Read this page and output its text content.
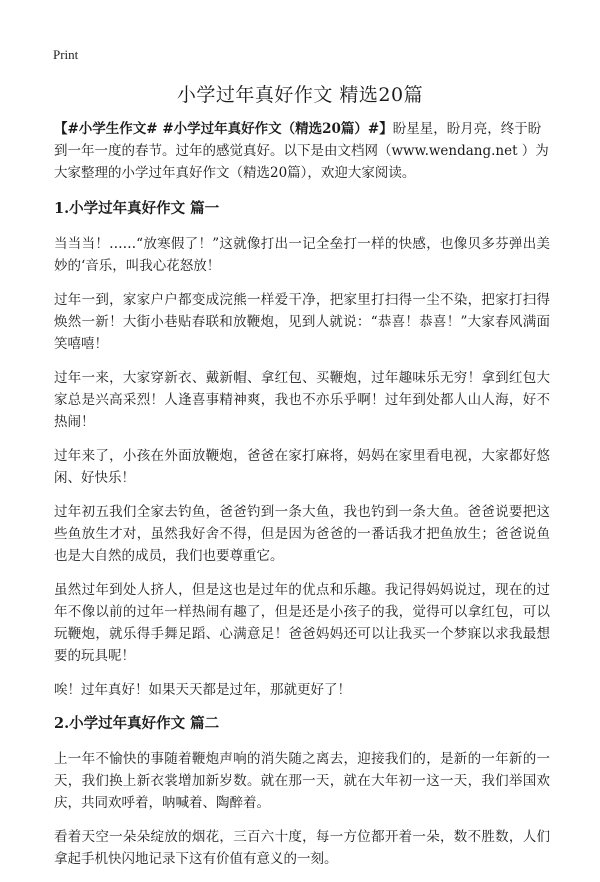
Print
小学过年真好作文 精选20篇

【#小学生作文# #小学过年真好作文（精选20篇）#】盼星星，盼月亮，终于盼到一年一度的春节。过年的感觉真好。以下是由文档网（www.wendang.net ）为大家整理的小学过年真好作文（精选20篇），欢迎大家阅读。

1.小学过年真好作文 篇一

当当当！……“放寒假了！”这就像打出一记全垒打一样的快感，也像贝多芬弹出美妙的‘音乐，叫我心花怒放！

过年一到，家家户户都变成浣熊一样爱干净，把家里打扫得一尘不染，把家打扫得焕然一新！大街小巷贴春联和放鞭炮，见到人就说：“恭喜！恭喜！”大家春风满面笑嘻嘻！

过年一来，大家穿新衣、戴新帽、拿红包、买鞭炮，过年趣味乐无穷！拿到红包大家总是兴高采烈！人逢喜事精神爽，我也不亦乐乎啊！过年到处都人山人海，好不热闹！

过年来了，小孩在外面放鞭炮，爸爸在家打麻将，妈妈在家里看电视，大家都好悠闲、好快乐！

过年初五我们全家去钓鱼，爸爸钓到一条大鱼，我也钓到一条大鱼。爸爸说要把这些鱼放生才对，虽然我好舍不得，但是因为爸爸的一番话我才把鱼放生；爸爸说鱼也是大自然的成员，我们也要尊重它。

虽然过年到处人挤人，但是这也是过年的优点和乐趣。我记得妈妈说过，现在的过年不像以前的过年一样热闹有趣了，但是还是小孩子的我，觉得可以拿红包，可以玩鞭炮，就乐得手舞足蹈、心满意足！爸爸妈妈还可以让我买一个梦寐以求我最想要的玩具呢！

唉！过年真好！如果天天都是过年，那就更好了！

2.小学过年真好作文 篇二

上一年不愉快的事随着鞭炮声响的消失随之离去，迎接我们的，是新的一年新的一天，我们换上新衣裳增加新岁数。就在那一天，就在大年初一这一天，我们举国欢庆，共同欢呼着，呐喊着、陶醉着。

看着天空一朵朵绽放的烟花，三百六十度，每一方位都开着一朵，数不胜数，人们拿起手机快闪地记录下这有价值有意义的一刻。
